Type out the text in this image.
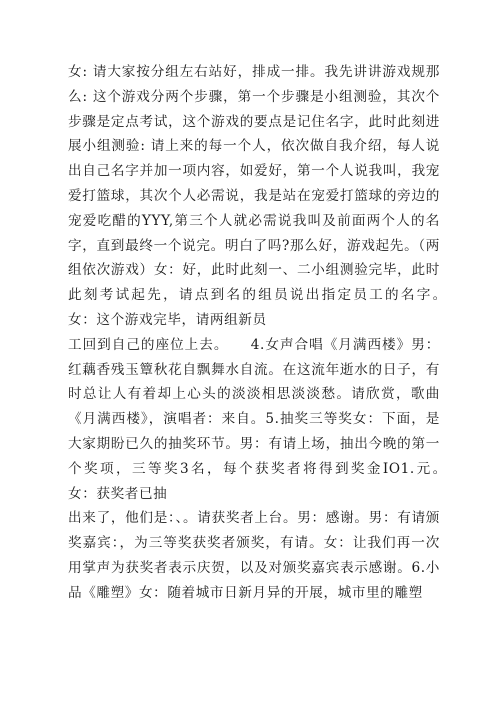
女: 请大家按分组左右站好，排成一排。我先讲讲游戏规那么: 这个游戏分两个步骤，第一个步骤是小组测验，其次个步骤是定点考试，这个游戏的要点是记住名字，此时此刻进展小组测验: 请上来的每一个人，依次做自我介绍，每人说出自己名字并加一项内容，如爱好，第一个人说我叫，我宠爱打篮球，其次个人必需说，我是站在宠爱打篮球的旁边的宠爱吃醋的YYY,第三个人就必需说我叫及前面两个人的名字，直到最终一个说完。明白了吗?那么好，游戏起先。（两组依次游戏）女：好，此时此刻一、二小组测验完毕，此时此刻考试起先，请点到名的组员说出指定员工的名字。　女：这个游戏完毕，请两组新员

工回到自己的座位上去。　　4.女声合唱《月满西楼》男：红藕香残玉簟秋花自飘舞水自流。在这流年逝水的日子，有时总让人有着却上心头的淡淡相思淡淡愁。请欣赏，歌曲《月满西楼》，演唱者：来自。5.抽奖三等奖女：下面，是大家期盼已久的抽奖环节。男：有请上场，抽出今晚的第一个奖项，三等奖3名，每个获奖者将得到奖金IO1.元。　　女：获奖者已抽

出来了，他们是：、。请获奖者上台。男：感谢。男：有请颁奖嘉宾：，为三等奖获奖者颁奖，有请。女：让我们再一次用掌声为获奖者表示庆贺，以及对颁奖嘉宾表示感谢。6.小品《雕塑》女：随着城市日新月异的开展，城市里的雕塑
